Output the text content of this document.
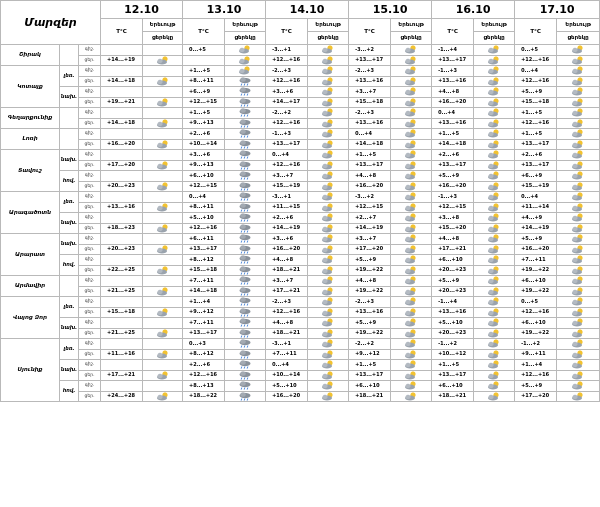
Մարզեր			12.10		13.10		14.10		15.10		16.10		17.10	
			T°C	Երեւույթ	T°C	Երեւույթ	T°C	Երեւույթ	T°C	Երեւույթ	T°C	Երեւույթ	T°C	Երեւույթ
				ցերեկը		ցերեկը		ցերեկը		ցերեկը		ցերեկը		ցերեկը
Շիրակ		գիշ.			0...+5		-3...+1		-3...+2		-1...+4		0...+5	

		ցեր.	+14...+19				+12...+16		+13...+17		+13...+17		+12...+16	

Կոտայք	լեռ.	գիշ.			+1...+5		-2...+3		-2...+3		-1...+3		0...+4	

		ցեր.	+14...+18		+8...+11		+12...+16		+13...+16		+13...+16		+12...+16	

	նախ.	գիշ.			+6...+9		+3...+6		+3...+7		+4...+8		+5...+9	

		ցեր.	+19...+21		+12...+15		+14...+17		+15...+18		+16...+20		+15...+18	

Գեղարքունիք		գիշ.			+1...+5		-2...+2		-2...+3		0...+4		+1...+5	

		ցեր.	+14...+18		+9...+13		+12...+16		+13...+16		+13...+16		+12...+16	

Լոռի		գիշ.			+2...+6		-1...+3		0...+4		+1...+5		+1...+5	

		ցեր.	+16...+20		+10...+14		+13...+17		+14...+18		+14...+18		+13...+17	

Տավուշ	նախ.	գիշ.			+3...+6		0...+4		+1...+5		+2...+6		+2...+6	

		ցեր.	+17...+20		+9...+13		+12...+16		+13...+17		+13...+17		+13...+17	

	հով.	գիշ.			+6...+10		+3...+7		+4...+8		+5...+9		+6...+9	

		ցեր.	+20...+23		+12...+15		+15...+19		+16...+20		+16...+20		+15...+19	

Արագածոտն	լեռ.	գիշ.			0...+4		-3...+1		-3...+2		-1...+3		0...+4	

		ցեր.	+13...+16		+8...+11		+11...+15		+12...+15		+12...+15		+11...+14	

	նախ.	գիշ.			+5...+10		+2...+6		+2...+7		+3...+8		+4...+9	

		ցեր.	+18...+23		+12...+16		+14...+19		+14...+19		+15...+20		+14...+19	

Արարատ	նախ.	գիշ.			+6...+11		+3...+6		+3...+7		+4...+8		+5...+9	

		ցեր.	+20...+23		+13...+17		+16...+20		+17...+20		+17...+21		+16...+20	

	հով.	գիշ.			+8...+12		+4...+8		+5...+9		+6...+10		+7...+11	

		ցեր.	+22...+25		+15...+18		+18...+21		+19...+22		+20...+23		+19...+22	

Արմավիր		գիշ.			+7...+11		+3...+7		+4...+8		+5...+9		+6...+10	

		ցեր.	+21...+25		+14...+18		+17...+21		+19...+22		+20...+23		+19...+22	

Վայոց Ձոր	լեռ.	գիշ.			+1...+4		-2...+3		-2...+3		-1...+4		0...+5	

		ցեր.	+15...+18		+9...+12		+12...+16		+13...+16		+13...+16		+12...+16	

	նախ.	գիշ.			+7...+11		+4...+8		+5...+9		+5...+10		+6...+10	

		ցեր.	+21...+25		+13...+17		+18...+21		+19...+22		+20...+23		+19...+22	

Սյունիք	լեռ.	գիշ.			0...+3		-3...+1		-2...+2		-1...+2		-1...+2	

		ցեր.	+11...+16		+8...+12		+7...+11		+9...+12		+10...+12		+9...+11	

	նախ.	գիշ.			+2...+6		0...+4		+1...+5		+1...+5		+1...+4	

		ցեր.	+17...+21		+12...+16		+10...+14		+13...+17		+13...+17		+12...+16	

	հով.	գիշ.			+8...+13		+5...+10		+6...+10		+6...+10		+5...+9	

		ցեր.	+24...+28		+18...+22		+16...+20		+18...+21		+18...+21		+17...+20	
